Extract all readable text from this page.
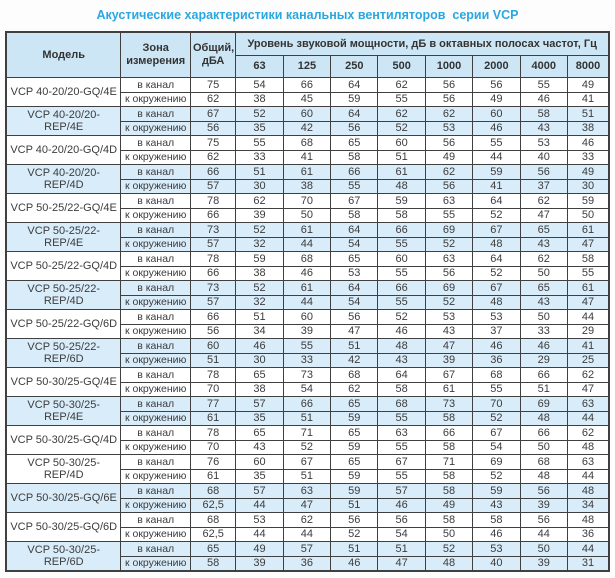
Акустические характеристики канальных вентиляторов  серии VCP
Модель	Зона измерения	Общий, дБА	Уровень звуковой мощности, дБ в октавных полосах частот, Гц							
			63	125	250	500	1000	2000	4000	8000
VCP 40-20/20-GQ/4E	в канал	75	54	66	64	62	56	56	55	49
	к окружению	62	38	45	59	55	56	49	46	41
VCP 40-20/20-REP/4E	в канал	67	52	60	64	62	62	60	58	51
	к окружению	56	35	42	56	52	53	46	43	38
VCP 40-20/20-GQ/4D	в канал	75	55	68	65	60	56	55	53	46
	к окружению	62	33	41	58	51	49	44	40	33
VCP 40-20/20-REP/4D	в канал	66	51	61	66	61	62	59	56	49
	к окружению	57	30	38	55	48	56	41	37	30
VCP 50-25/22-GQ/4E	в канал	78	62	70	67	59	63	64	62	59
	к окружению	66	39	50	58	58	55	52	47	50
VCP 50-25/22-REP/4E	в канал	73	52	61	64	66	69	67	65	61
	к окружению	57	32	44	54	55	52	48	43	47
VCP 50-25/22-GQ/4D	в канал	78	59	68	65	60	63	64	62	58
	к окружению	66	38	46	53	55	56	52	50	55
VCP 50-25/22-REP/4D	в канал	73	52	61	64	66	69	67	65	61
	к окружению	57	32	44	54	55	52	48	43	47
VCP 50-25/22-GQ/6D	в канал	66	51	60	56	52	53	53	50	44
	к окружению	56	34	39	47	46	43	37	33	29
VCP 50-25/22-REP/6D	в канал	60	46	55	51	48	47	46	46	41
	к окружению	51	30	33	42	43	39	36	29	25
VCP 50-30/25-GQ/4E	в канал	78	65	73	68	64	67	68	66	62
	к окружению	70	38	54	62	58	61	55	51	47
VCP 50-30/25-REP/4E	в канал	77	57	66	65	68	73	70	69	63
	к окружению	61	35	51	59	55	58	52	48	44
VCP 50-30/25-GQ/4D	в канал	78	65	71	65	63	66	67	66	62
	к окружению	70	43	52	59	55	58	54	50	48
VCP 50-30/25-REP/4D	в канал	76	60	67	65	67	71	69	68	63
	к окружению	61	35	51	59	55	58	52	48	44
VCP 50-30/25-GQ/6E	в канал	68	57	63	59	57	58	59	56	48
	к окружению	62,5	44	47	51	46	49	43	39	34
VCP 50-30/25-GQ/6D	в канал	68	53	62	56	56	58	58	56	48
	к окружению	62,5	44	44	52	54	50	46	44	36
VCP 50-30/25-REP/6D	в канал	65	49	57	51	51	52	53	50	44
	к окружению	58	39	36	46	47	48	40	39	31
